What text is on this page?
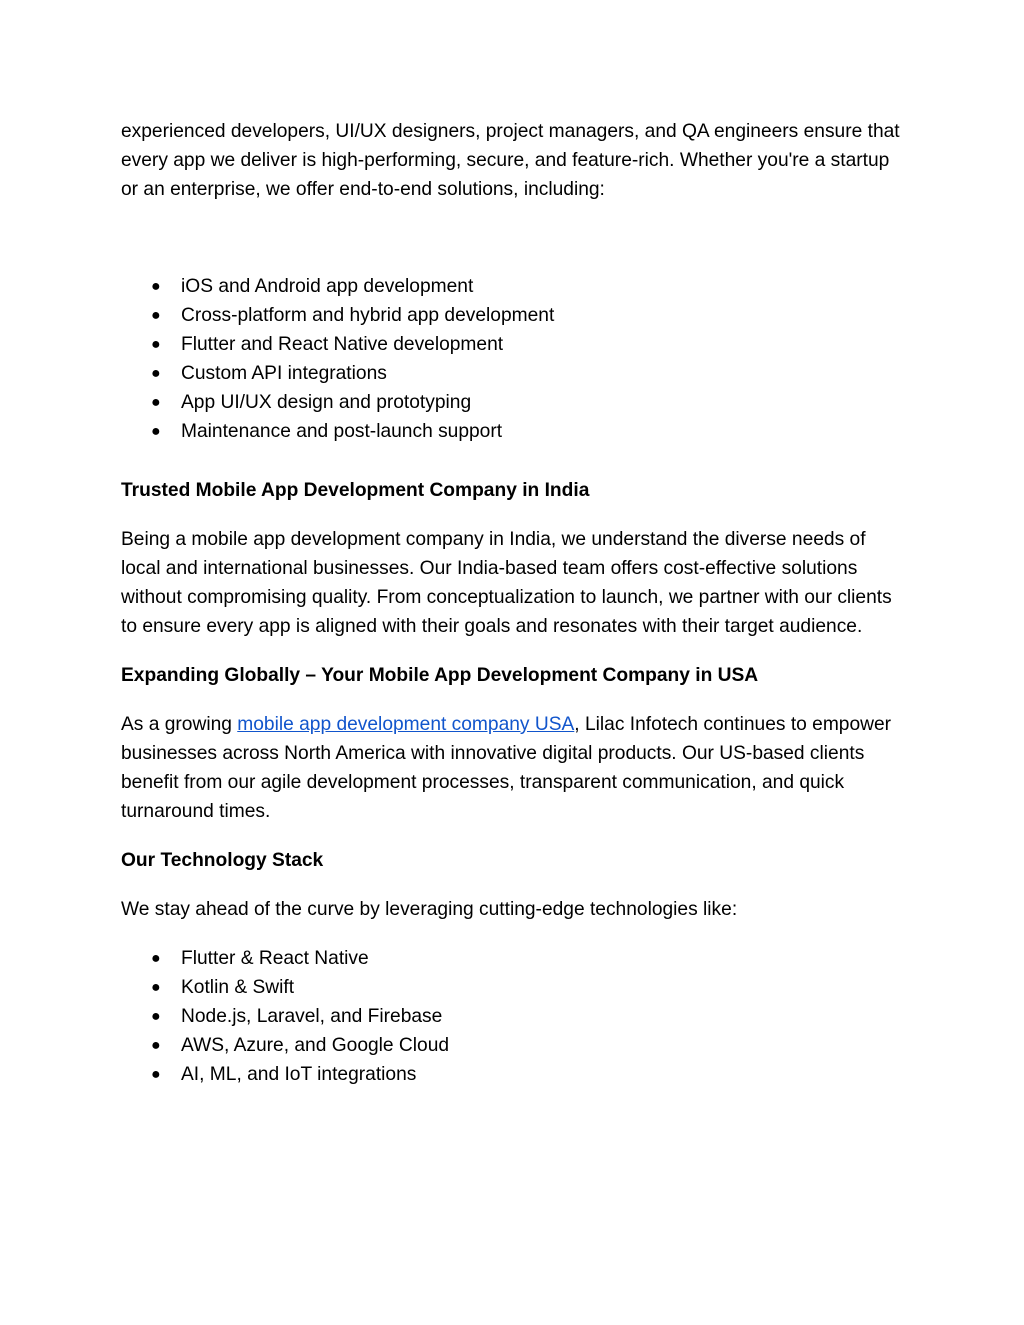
experienced developers, UI/UX designers, project managers, and QA engineers ensure that every app we deliver is high-performing, secure, and feature-rich. Whether you're a startup or an enterprise, we offer end-to-end solutions, including:

● iOS and Android app development
● Cross-platform and hybrid app development
● Flutter and React Native development
● Custom API integrations
● App UI/UX design and prototyping
● Maintenance and post-launch support
Trusted Mobile App Development Company in India

Being a mobile app development company in India, we understand the diverse needs of local and international businesses. Our India-based team offers cost-effective solutions without compromising quality. From conceptualization to launch, we partner with our clients to ensure every app is aligned with their goals and resonates with their target audience.

Expanding Globally – Your Mobile App Development Company in USA

As a growing mobile app development company USA, Lilac Infotech continues to empower businesses across North America with innovative digital products. Our US-based clients benefit from our agile development processes, transparent communication, and quick turnaround times.

Our Technology Stack

We stay ahead of the curve by leveraging cutting-edge technologies like:

● Flutter & React Native
● Kotlin & Swift
● Node.js, Laravel, and Firebase
● AWS, Azure, and Google Cloud
● AI, ML, and IoT integrations
